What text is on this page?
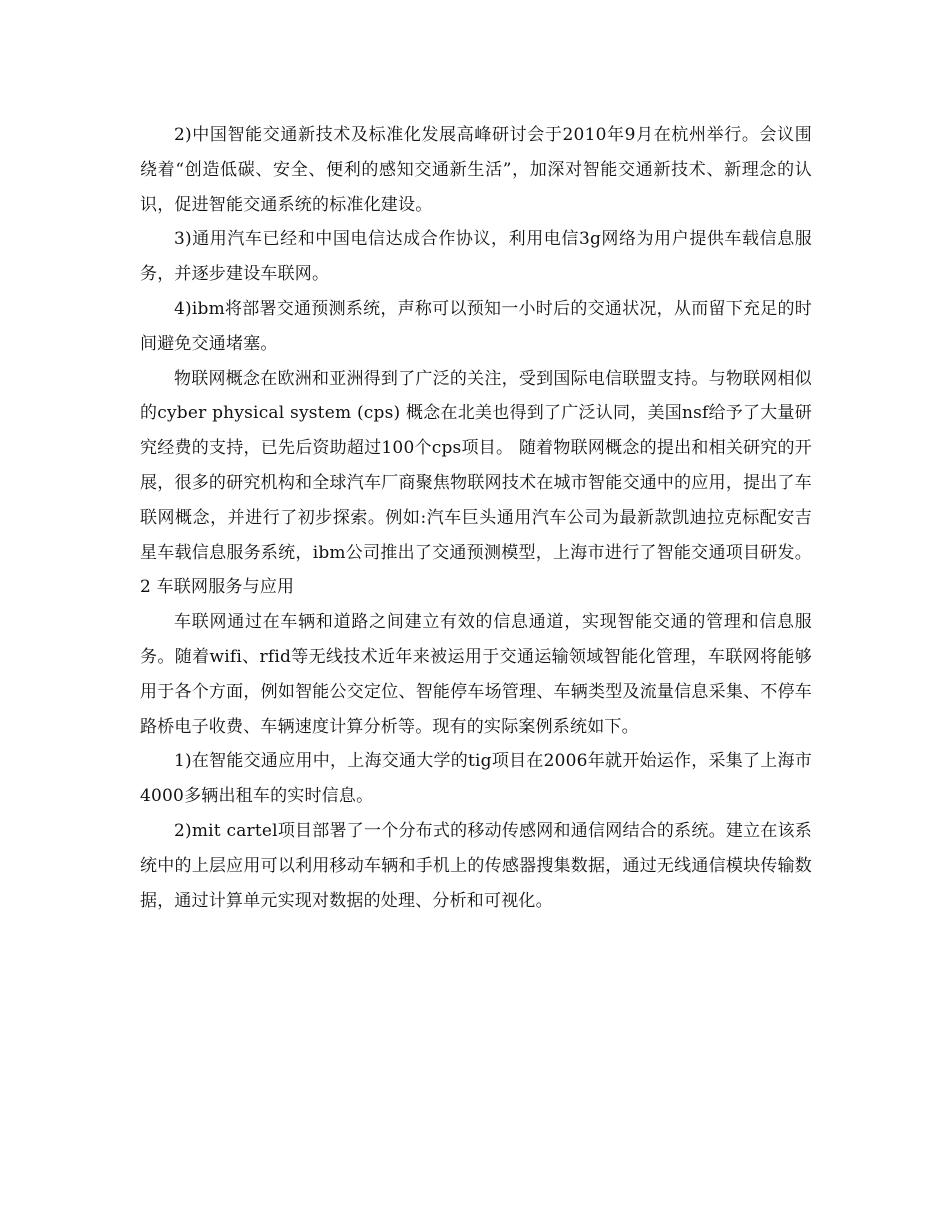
2)中国智能交通新技术及标准化发展高峰研讨会于2010年9月在杭州举行。会议围绕着“创造低碳、安全、便利的感知交通新生活”，加深对智能交通新技术、新理念的认识，促进智能交通系统的标准化建设。

3)通用汽车已经和中国电信达成合作协议，利用电信3g网络为用户提供车载信息服务，并逐步建设车联网。

4)ibm将部署交通预测系统，声称可以预知一小时后的交通状况，从而留下充足的时间避免交通堵塞。

物联网概念在欧洲和亚洲得到了广泛的关注，受到国际电信联盟支持。与物联网相似的cyber physical system (cps) 概念在北美也得到了广泛认同，美国nsf给予了大量研究经费的支持，已先后资助超过100个cps项目。 随着物联网概念的提出和相关研究的开展，很多的研究机构和全球汽车厂商聚焦物联网技术在城市智能交通中的应用，提出了车联网概念，并进行了初步探索。例如:汽车巨头通用汽车公司为最新款凯迪拉克标配安吉星车载信息服务系统，ibm公司推出了交通预测模型，上海市进行了智能交通项目研发。 2 车联网服务与应用

车联网通过在车辆和道路之间建立有效的信息通道，实现智能交通的管理和信息服务。随着wifi、rfid等无线技术近年来被运用于交通运输领域智能化管理，车联网将能够用于各个方面，例如智能公交定位、智能停车场管理、车辆类型及流量信息采集、不停车路桥电子收费、车辆速度计算分析等。现有的实际案例系统如下。

1)在智能交通应用中，上海交通大学的tig项目在2006年就开始运作，采集了上海市4000多辆出租车的实时信息。

2)mit cartel项目部署了一个分布式的移动传感网和通信网结合的系统。建立在该系统中的上层应用可以利用移动车辆和手机上的传感器搜集数据，通过无线通信模块传输数据，通过计算单元实现对数据的处理、分析和可视化。
